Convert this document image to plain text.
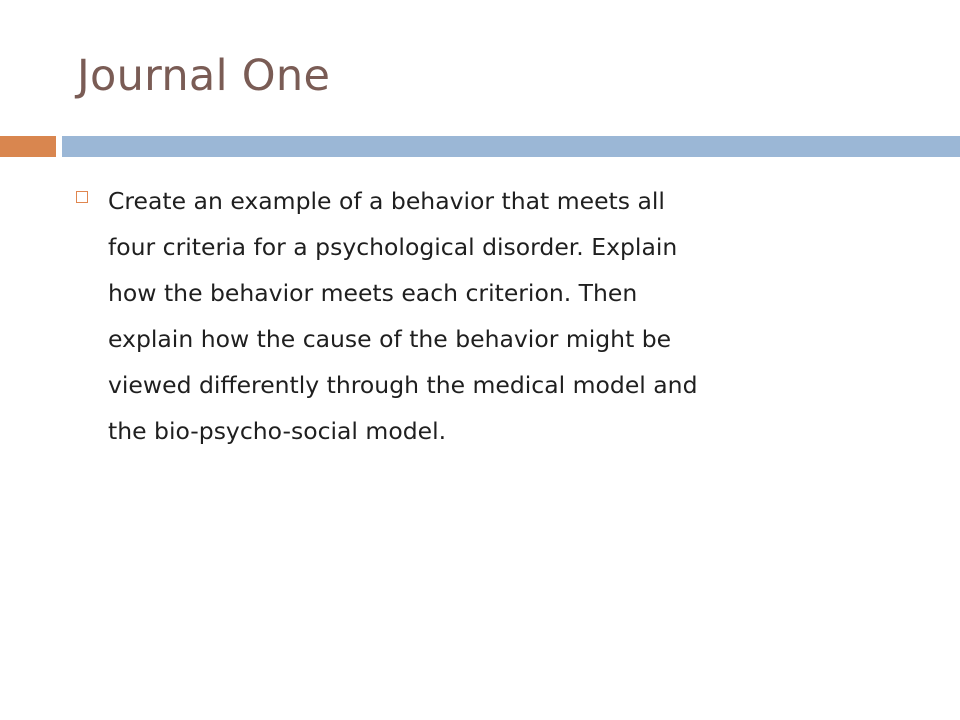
Journal One

Create an example of a behavior that meets all
four criteria for a psychological disorder. Explain
how the behavior meets each criterion. Then
explain how the cause of the behavior might be
viewed differently through the medical model and
the bio-psycho-social model.
